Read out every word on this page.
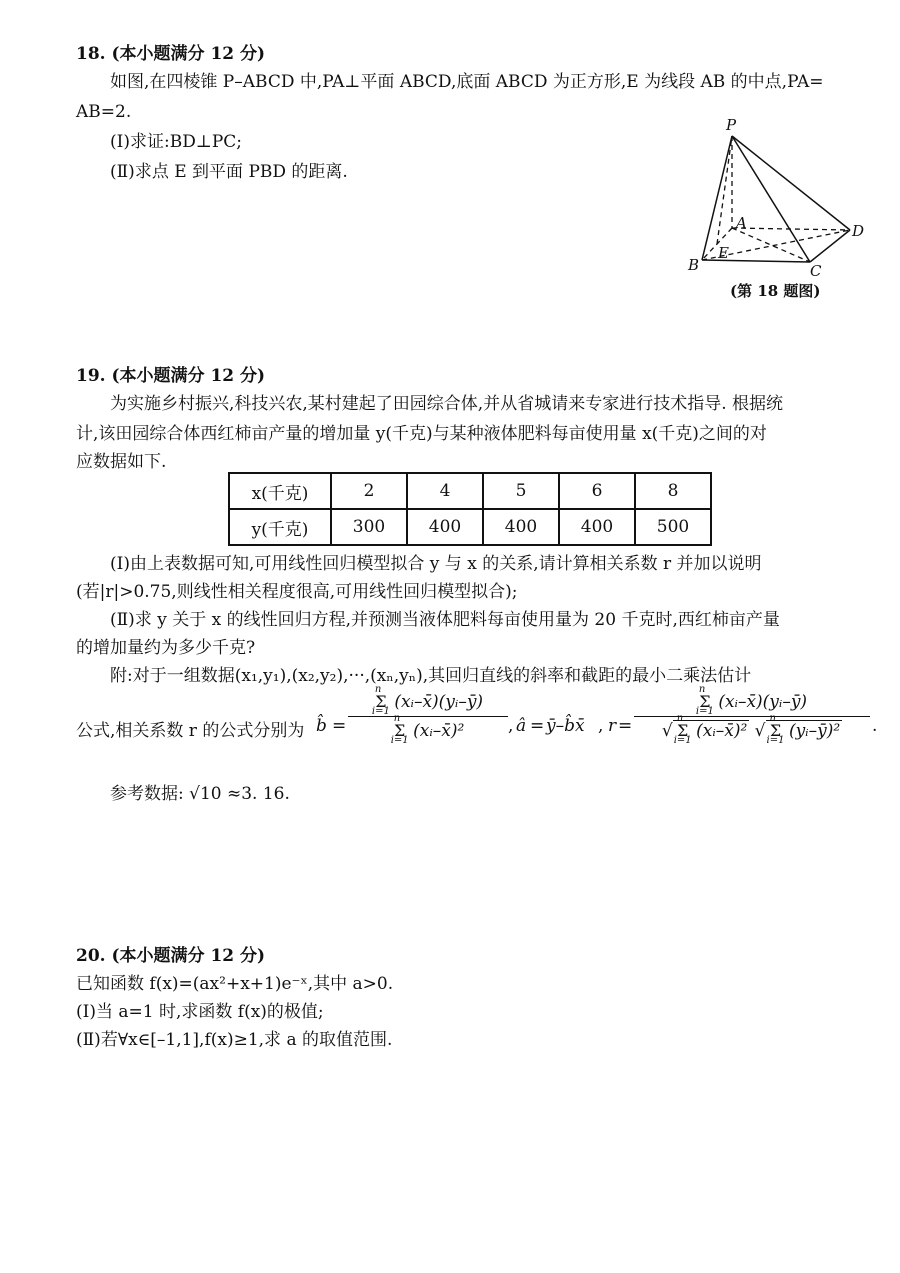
18. (本小题满分 12 分)
如图,在四棱锥 P–ABCD 中,PA⊥平面 ABCD,底面 ABCD 为正方形,E 为线段 AB 的中点,PA=
AB=2.
(Ⅰ)求证:BD⊥PC;
(Ⅱ)求点 E 到平面 PBD 的距离.
P
A
B	C
D
E
(第 18 题图)
19. (本小题满分 12 分)
为实施乡村振兴,科技兴农,某村建起了田园综合体,并从省城请来专家进行技术指导. 根据统
计,该田园综合体西红柿亩产量的增加量 y(千克)与某种液体肥料每亩使用量 x(千克)之间的对
应数据如下.
x(千克)	2	4	5	6	8
y(千克)	300	400	400	400	500
(Ⅰ)由上表数据可知,可用线性回归模型拟合 y 与 x 的关系,请计算相关系数 r 并加以说明
(若|r|>0.75,则线性相关程度很高,可用线性回归模型拟合);
(Ⅱ)求 y 关于 x 的线性回归方程,并预测当液体肥料每亩使用量为 20 千克时,西红柿亩产量
的增加量约为多少千克?
附:对于一组数据(x₁,y₁),(x₂,y₂),···,(xₙ,yₙ),其回归直线的斜率和截距的最小二乘法估计
公式,相关系数 r 的公式分别为 b̂ =
Σ
n
i=1 (xᵢ–x̄)(yᵢ–ȳ)
Σ
n
i=1 (xᵢ–x̄)²	, â = ȳ–b̂x̄ , r =
Σ
n
i=1 (xᵢ–x̄)(yᵢ–ȳ)
√ Σ
n
i=1 (xᵢ–x̄)² √ Σ
n
i=1 (yᵢ–ȳ)²	.
参考数据: √10 ≈3. 16.
20. (本小题满分 12 分)
已知函数 f(x)=(ax²+x+1)e⁻ˣ,其中 a>0.
(Ⅰ)当 a=1 时,求函数 f(x)的极值;
(Ⅱ)若∀x∈[–1,1],f(x)≥1,求 a 的取值范围.
